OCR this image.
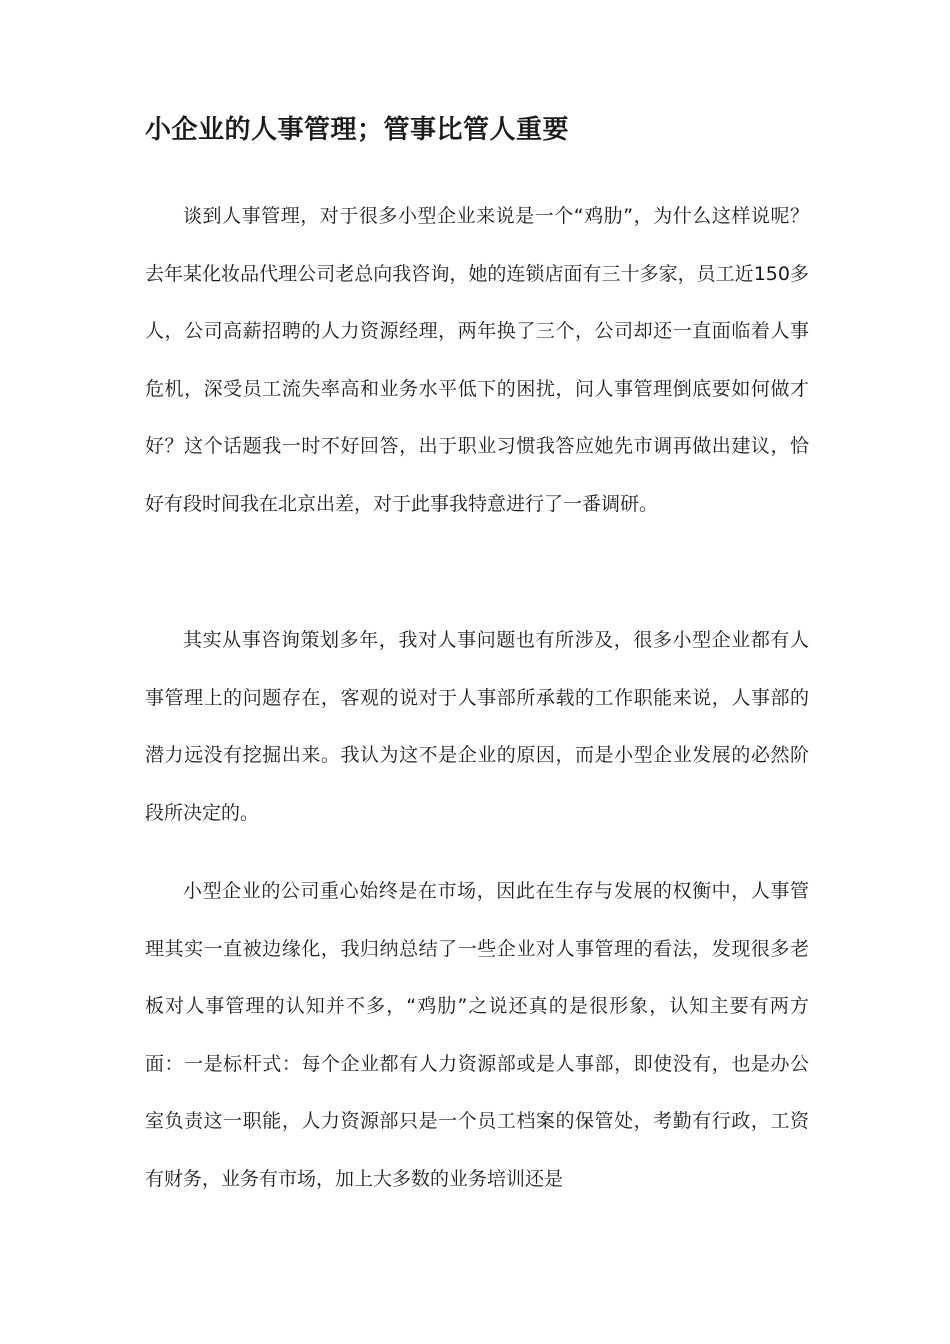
小企业的人事管理；管事比管人重要

谈到人事管理，对于很多小型企业来说是一个“鸡肋”，为什么这样说呢？去年某化妆品代理公司老总向我咨询，她的连锁店面有三十多家，员工近150多人，公司高薪招聘的人力资源经理，两年换了三个，公司却还一直面临着人事危机，深受员工流失率高和业务水平低下的困扰，问人事管理倒底要如何做才好？这个话题我一时不好回答，出于职业习惯我答应她先市调再做出建议，恰好有段时间我在北京出差，对于此事我特意进行了一番调研。

其实从事咨询策划多年，我对人事问题也有所涉及，很多小型企业都有人事管理上的问题存在，客观的说对于人事部所承载的工作职能来说，人事部的潜力远没有挖掘出来。我认为这不是企业的原因，而是小型企业发展的必然阶段所决定的。

小型企业的公司重心始终是在市场，因此在生存与发展的权衡中，人事管理其实一直被边缘化，我归纳总结了一些企业对人事管理的看法，发现很多老板对人事管理的认知并不多，“鸡肋”之说还真的是很形象，认知主要有两方面：一是标杆式：每个企业都有人力资源部或是人事部，即使没有，也是办公室负责这一职能，人力资源部只是一个员工档案的保管处，考勤有行政，工资有财务，业务有市场，加上大多数的业务培训还是
